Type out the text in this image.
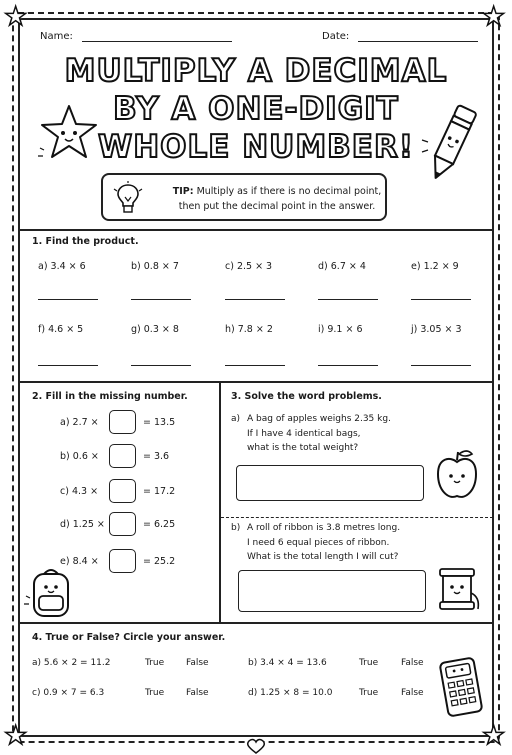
★	★
★	★
Name:	Date:
MULTIPLY A DECIMAL
BY A ONE-DIGIT
WHOLE NUMBER!
TIP: Multiply as if there is no decimal point,
then put the decimal point in the answer.
1. Find the product.
a) 3.4 × 6	b) 0.8 × 7	c) 2.5 × 3	d) 6.7 × 4	e) 1.2 × 9
f) 4.6 × 5	g) 0.3 × 8	h) 7.8 × 2	i) 9.1 × 6	j) 3.05 × 3
2. Fill in the missing number.
a) 2.7 ×	= 13.5
b) 0.6 ×	= 3.6
c) 4.3 ×	= 17.2
d) 1.25 ×	= 6.25
e) 8.4 ×	= 25.2
3. Solve the word problems.
a) A bag of apples weighs 2.35 kg.
If I have 4 identical bags,
what is the total weight?
b) A roll of ribbon is 3.8 metres long.
I need 6 equal pieces of ribbon.
What is the total length I will cut?
4. True or False? Circle your answer.
a) 5.6 × 2 = 11.2	True False	b) 3.4 × 4 = 13.6	True	False
c) 0.9 × 7 = 6.3	True False	d) 1.25 × 8 = 10.0	True	False
